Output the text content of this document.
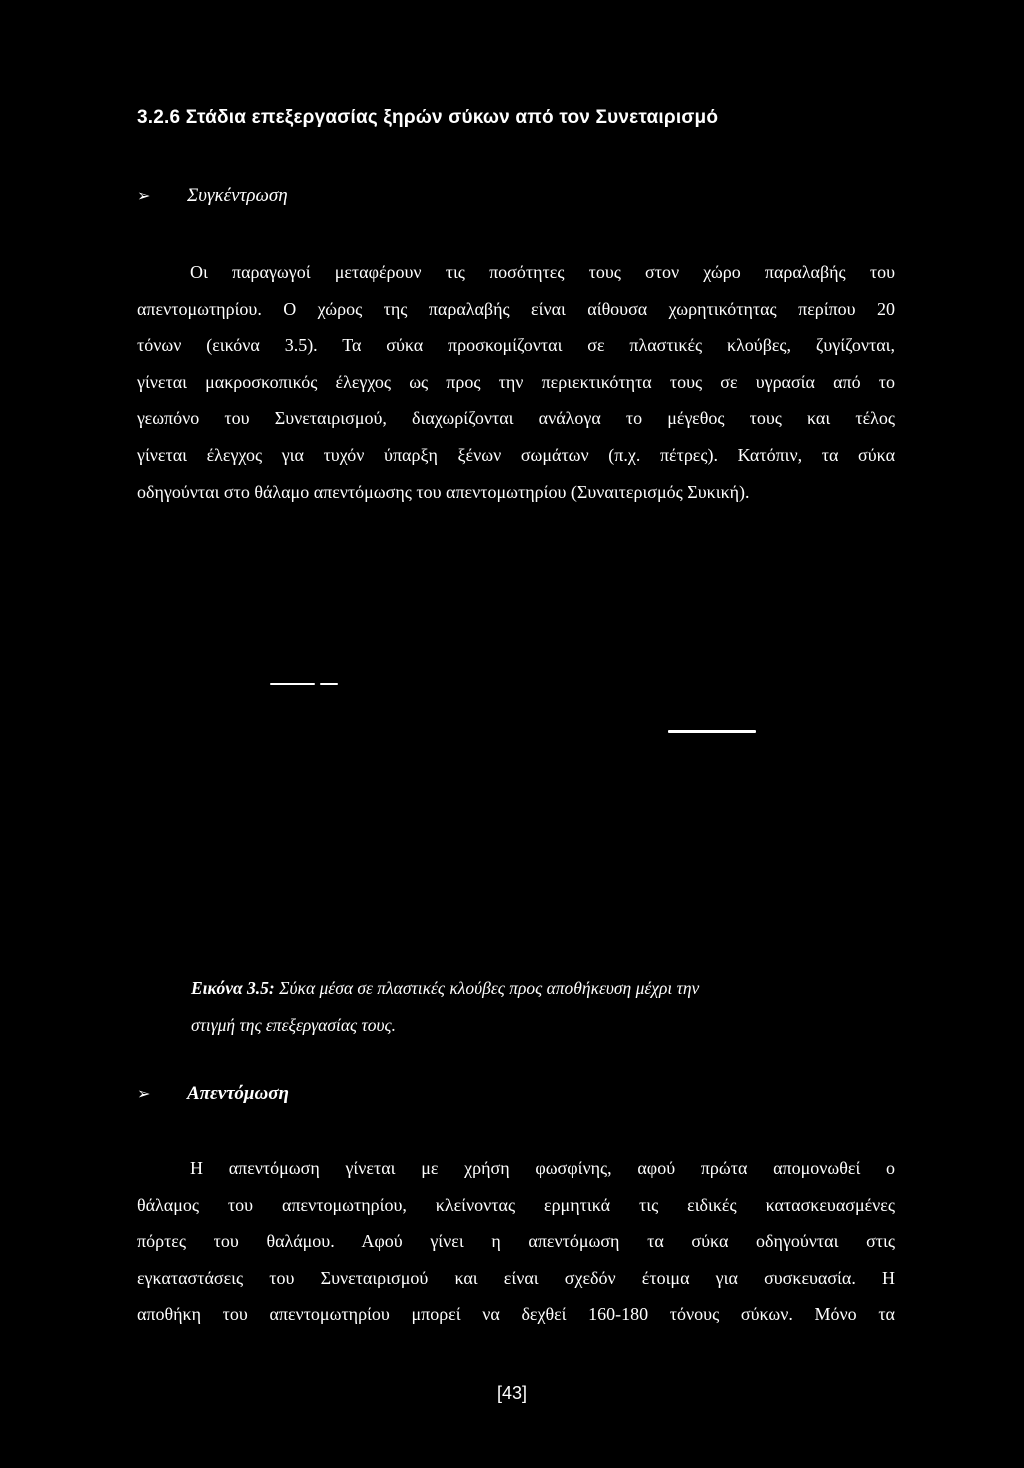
3.2.6 Στάδια επεξεργασίας ξηρών σύκων από τον Συνεταιρισμό
➢ Συγκέντρωση
Οι παραγωγοί μεταφέρουν τις ποσότητες τους στον χώρο παραλαβής του
απεντομωτηρίου. Ο χώρος της παραλαβής είναι αίθουσα χωρητικότητας περίπου 20
τόνων (εικόνα 3.5). Τα σύκα προσκομίζονται σε πλαστικές κλούβες, ζυγίζονται,
γίνεται μακροσκοπικός έλεγχος ως προς την περιεκτικότητα τους σε υγρασία από το
γεωπόνο του Συνεταιρισμού, διαχωρίζονται ανάλογα το μέγεθος τους και τέλος
γίνεται έλεγχος για τυχόν ύπαρξη ξένων σωμάτων (π.χ. πέτρες). Κατόπιν, τα σύκα
οδηγούνται στο θάλαμο απεντόμωσης του απεντομωτηρίου (Συναιτερισμός Συκική).
Εικόνα 3.5: Σύκα μέσα σε πλαστικές κλούβες προς αποθήκευση μέχρι την
στιγμή της επεξεργασίας τους.
➢ Απεντόμωση
Η απεντόμωση γίνεται με χρήση φωσφίνης, αφού πρώτα απομονωθεί ο
θάλαμος του απεντομωτηρίου, κλείνοντας ερμητικά τις ειδικές κατασκευασμένες
πόρτες του θαλάμου. Αφού γίνει η απεντόμωση τα σύκα οδηγούνται στις
εγκαταστάσεις του Συνεταιρισμού και είναι σχεδόν έτοιμα για συσκευασία. Η
αποθήκη του απεντομωτηρίου μπορεί να δεχθεί 160-180 τόνους σύκων. Μόνο τα
[43]
